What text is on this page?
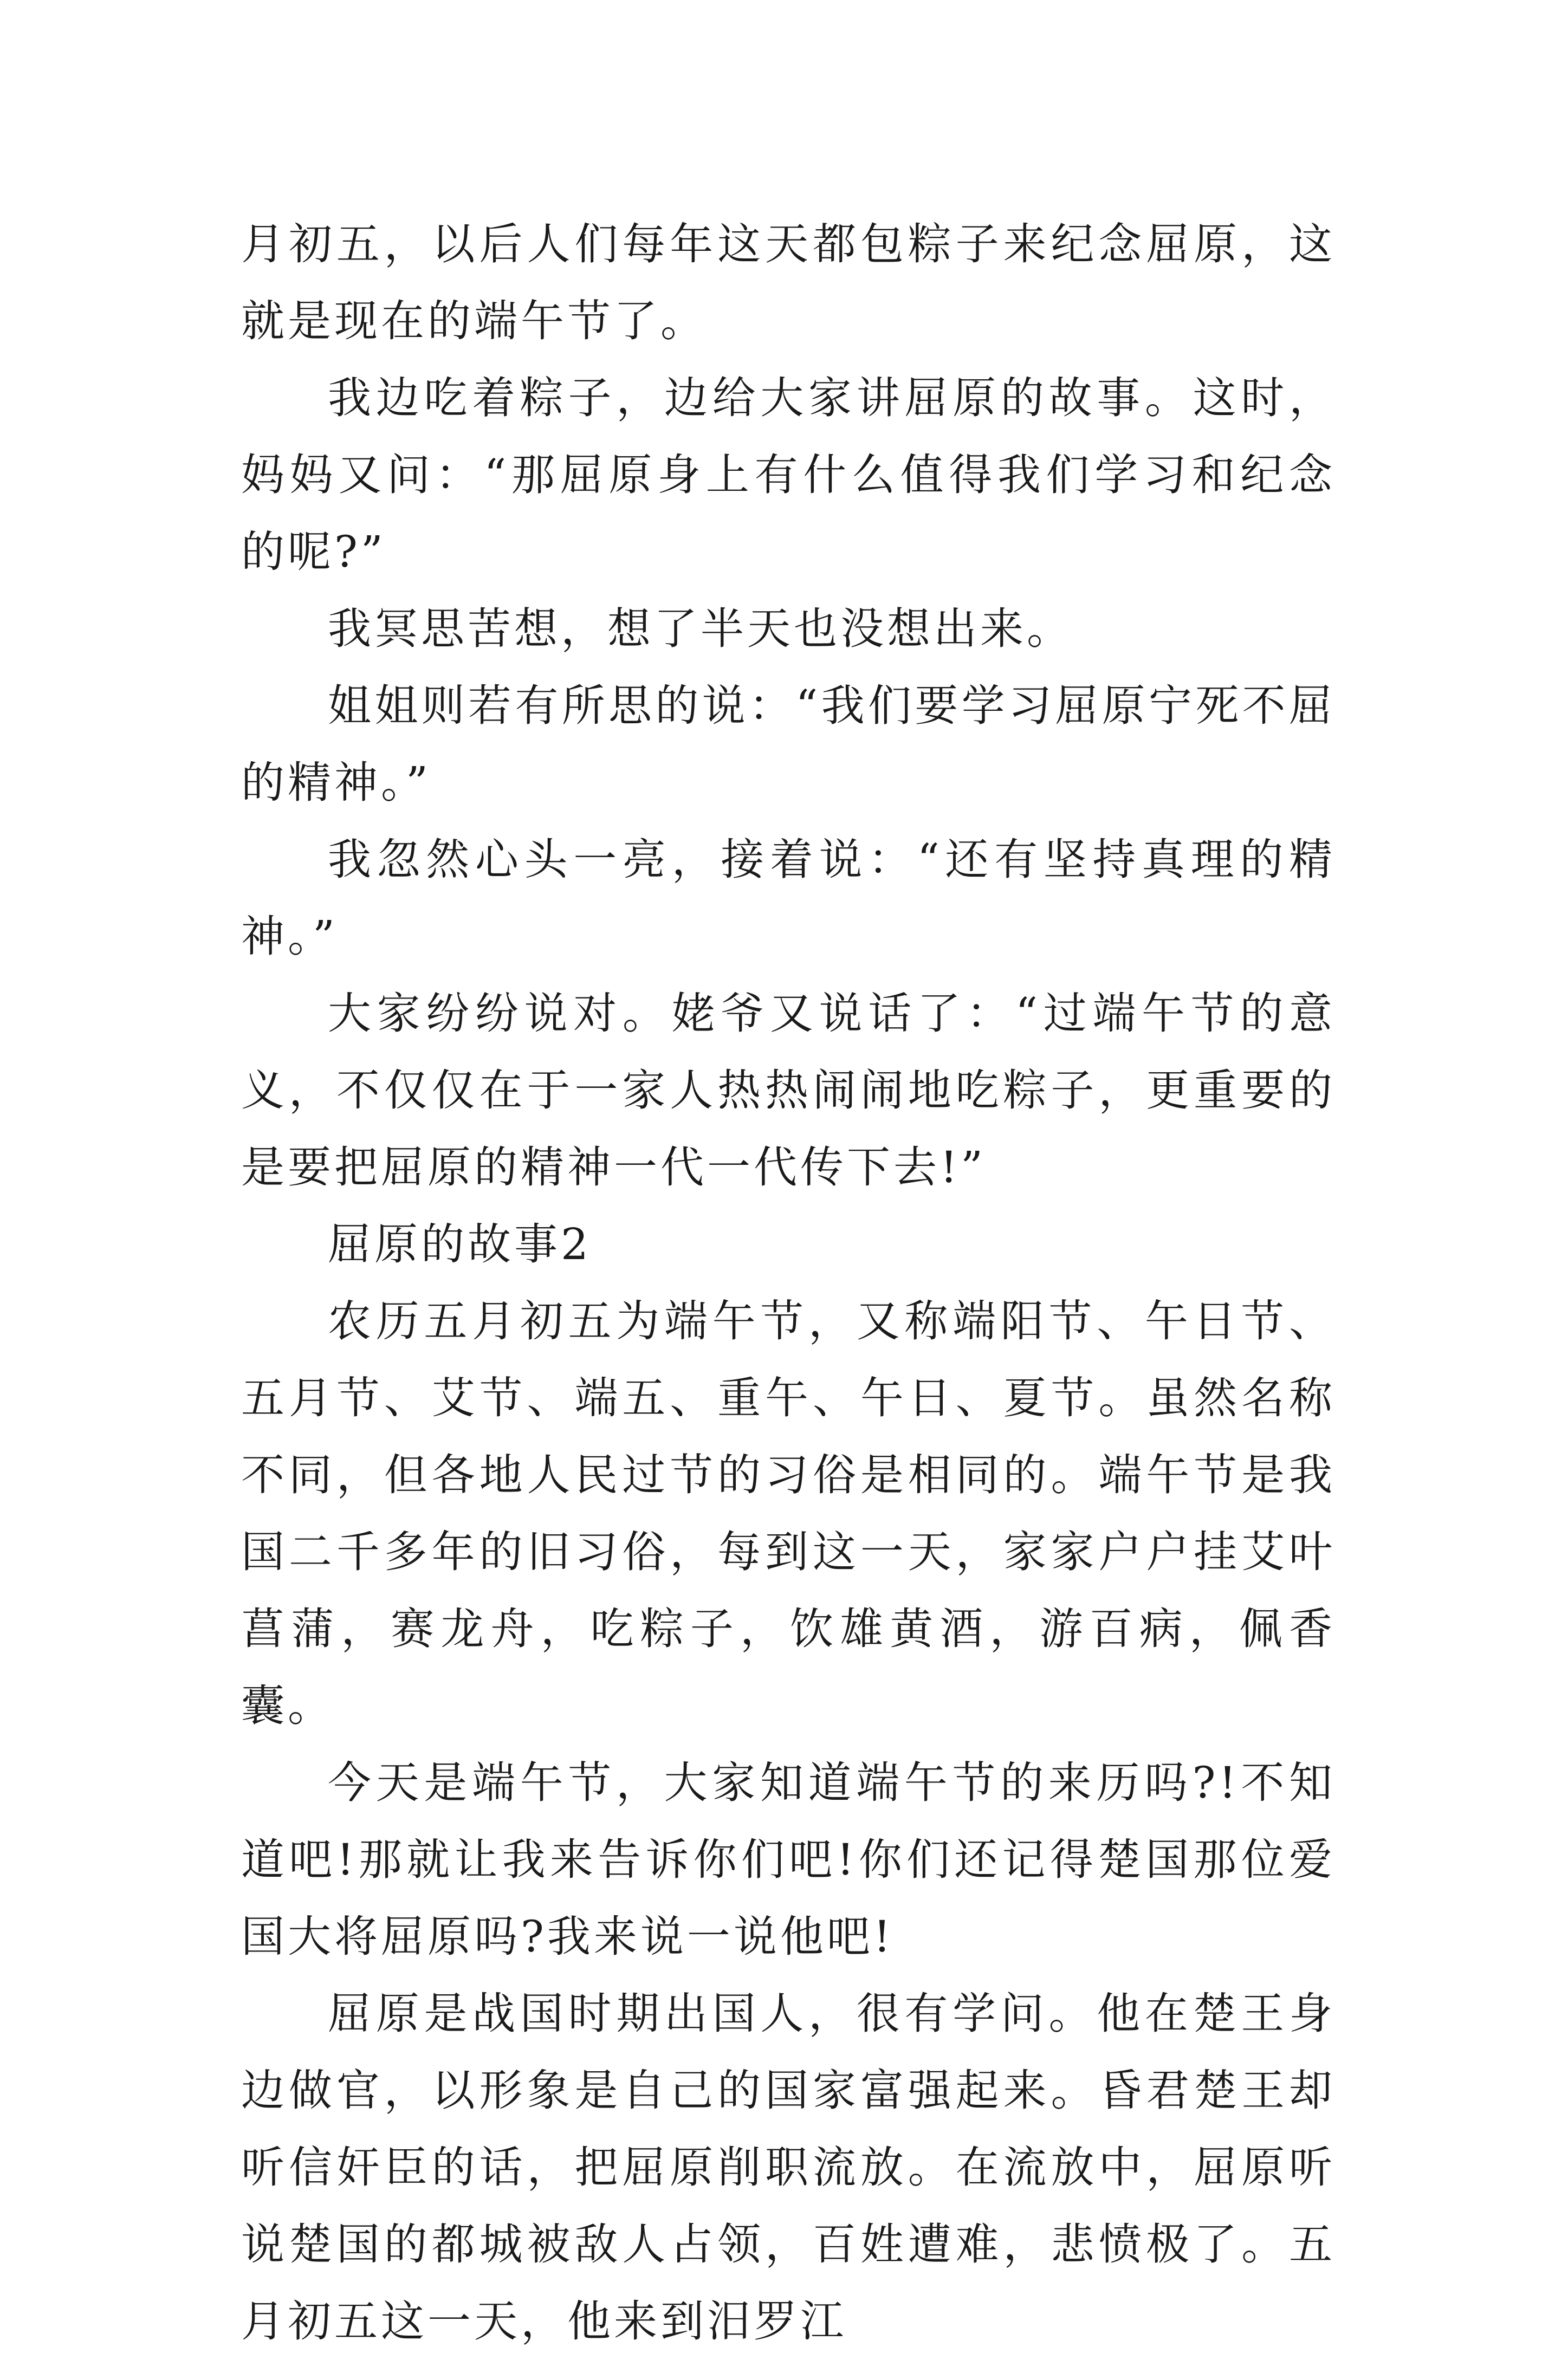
月初五，以后人们每年这天都包粽子来纪念屈原，这就是现在的端午节了。

我边吃着粽子，边给大家讲屈原的故事。这时，妈妈又问：“那屈原身上有什么值得我们学习和纪念的呢?”

我冥思苦想，想了半天也没想出来。

姐姐则若有所思的说：“我们要学习屈原宁死不屈的精神。”

我忽然心头一亮，接着说：“还有坚持真理的精神。”

大家纷纷说对。姥爷又说话了：“过端午节的意义，不仅仅在于一家人热热闹闹地吃粽子，更重要的是要把屈原的精神一代一代传下去!”

屈原的故事2

农历五月初五为端午节，又称端阳节、午日节、五月节、艾节、端五、重午、午日、夏节。虽然名称不同，但各地人民过节的习俗是相同的。端午节是我国二千多年的旧习俗，每到这一天，家家户户挂艾叶菖蒲，赛龙舟，吃粽子，饮雄黄酒，游百病，佩香囊。

今天是端午节，大家知道端午节的来历吗?!不知道吧!那就让我来告诉你们吧!你们还记得楚国那位爱国大将屈原吗?我来说一说他吧!

屈原是战国时期出国人，很有学问。他在楚王身边做官，以形象是自己的国家富强起来。昏君楚王却听信奸臣的话，把屈原削职流放。在流放中，屈原听说楚国的都城被敌人占领，百姓遭难，悲愤极了。五月初五这一天，他来到汨罗江
